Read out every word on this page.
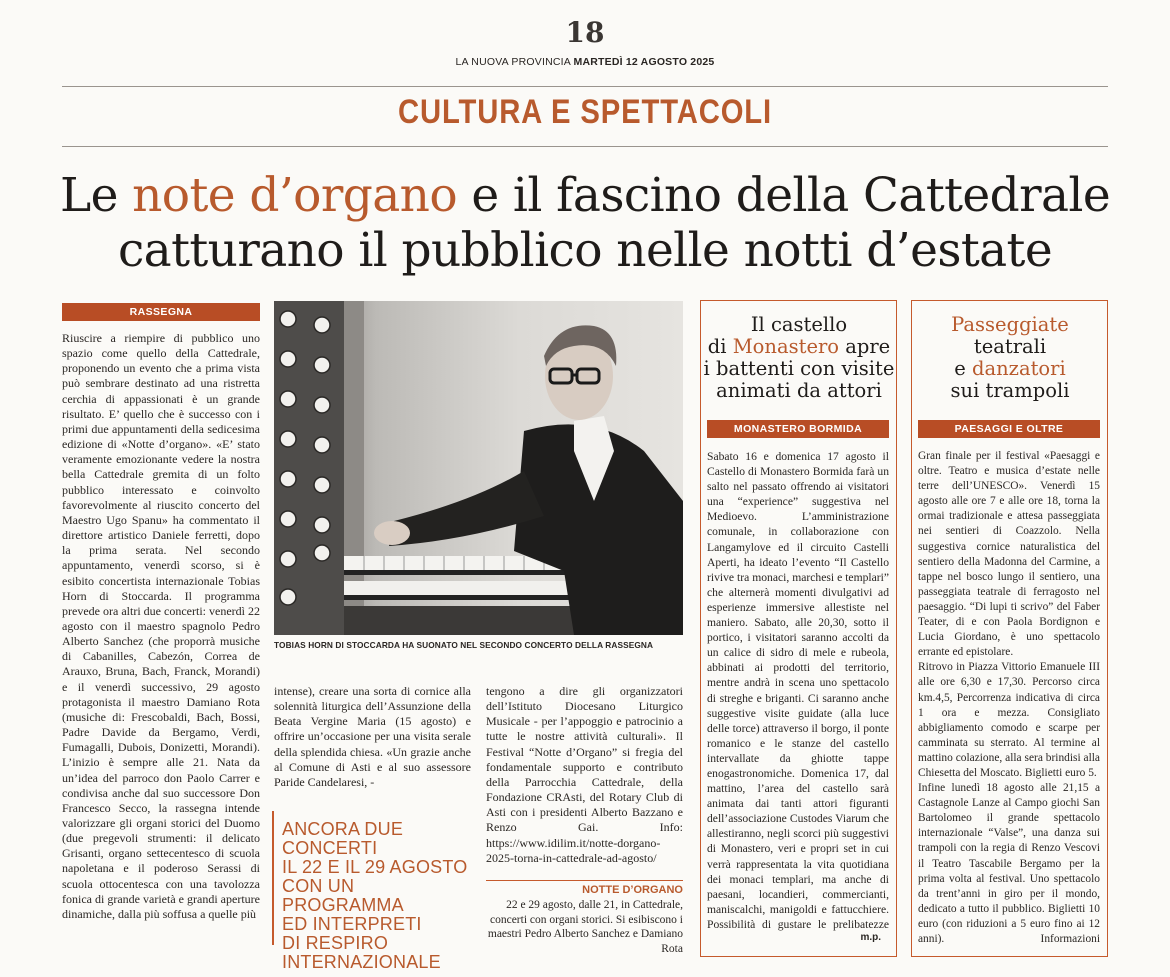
18
LA NUOVA PROVINCIA MARTEDÌ 12 AGOSTO 2025
CULTURA E SPETTACOLI
Le note d’organo e il fascino della Cattedrale
catturano il pubblico nelle notti d’estate
RASSEGNA

Riuscire a riempire di pubblico uno spazio come quello della Cattedrale, proponendo un evento che a prima vista può sembrare destinato ad una ristretta cerchia di appassionati è un grande risultato. E’ quello che è successo con i primi due appuntamenti della sedicesima edizione di «Notte d’organo». «E’ stato veramente emozionante vedere la nostra bella Cattedrale gremita di un folto pubblico interessato e coinvolto favorevolmente al riuscito concerto del Maestro Ugo Spanu» ha commentato il direttore artistico Daniele ferretti, dopo la prima serata. Nel secondo appuntamento, venerdì scorso, si è esibito concertista internazionale Tobias Horn di Stoccarda. Il programma prevede ora altri due concerti: venerdì 22 agosto con il maestro spagnolo Pedro Alberto Sanchez (che proporrà musiche di Cabanilles, Cabezón, Correa de Arauxo, Bruna, Bach, Franck, Morandi) e il venerdì successivo, 29 agosto protagonista il maestro Damiano Rota (musiche di: Frescobaldi, Bach, Bossi, Padre Davide da Bergamo, Verdi, Fumagalli, Dubois, Donizetti, Morandi). L’inizio è sempre alle 21. Nata da un’idea del parroco don Paolo Carrer e condivisa anche dal suo successore Don Francesco Secco, la rassegna intende valorizzare gli organi storici del Duomo (due pregevoli strumenti: il delicato Grisanti, organo settecentesco di scuola napoletana e il poderoso Serassi di scuola ottocentesca con una tavolozza fonica di grande varietà e grandi aperture dinamiche, dalla più soffusa a quelle più

TOBIAS HORN DI STOCCARDA HA SUONATO NEL SECONDO CONCERTO DELLA RASSEGNA

intense), creare una sorta di cornice alla solennità liturgica dell’Assunzione della Beata Vergine Maria (15 agosto) e offrire un’occasione per una visita serale della splendida chiesa. «Un grazie anche al Comune di Asti e al suo assessore Paride Candelaresi, -

tengono a dire gli organizzatori dell’Istituto Diocesano Liturgico Musicale - per l’appoggio e patrocinio a tutte le nostre attività culturali». Il Festival “Notte d’Organo” si fregia del fondamentale supporto e contributo della Parrocchia Cattedrale, della Fondazione CRAsti, del Rotary Club di Asti con i presidenti Alberto Bazzano e Renzo Gai. Info: https://www.idilim.it/notte-dorgano-2025-torna-in-cattedrale-ad-agosto/

ANCORA DUE CONCERTI
IL 22 E IL 29 AGOSTO
CON UN PROGRAMMA
ED INTERPRETI
DI RESPIRO
INTERNAZIONALE
NOTTE D’ORGANO
22 e 29 agosto, dalle 21, in Cattedrale, concerti con organi storici. Si esibiscono i maestri Pedro Alberto Sanchez e Damiano Rota
Il castello
di Monastero apre
i battenti con visite
animati da attori
MONASTERO BORMIDA

Sabato 16 e domenica 17 agosto il Castello di Monastero Bormida farà un salto nel passato offrendo ai visitatori una “experience” suggestiva nel Medioevo. L’amministrazione comunale, in collaborazione con Langamylove ed il circuito Castelli Aperti, ha ideato l’evento “Il Castello rivive tra monaci, marchesi e templari” che alternerà momenti divulgativi ad esperienze immersive allestiste nel maniero. Sabato, alle 20,30, sotto il portico, i visitatori saranno accolti da un calice di sidro di mele e rubeola, abbinati ai prodotti del territorio, mentre andrà in scena uno spettacolo di streghe e briganti. Ci saranno anche suggestive visite guidate (alla luce delle torce) attraverso il borgo, il ponte romanico e le stanze del castello intervallate da ghiotte tappe enogastronomiche. Domenica 17, dal mattino, l’area del castello sarà animata dai tanti attori figuranti dell’associazione Custodes Viarum che allestiranno, negli scorci più suggestivi di Monastero, veri e propri set in cui verrà rappresentata la vita quotidiana dei monaci templari, ma anche di paesani, locandieri, commercianti, maniscalchi, manigoldi e fattucchiere. Possibilità di gustare le prelibatezze

m.p.
Passeggiate
teatrali
e danzatori
sui trampoli
PAESAGGI E OLTRE

Gran finale per il festival «Paesaggi e oltre. Teatro e musica d’estate nelle terre dell’UNESCO». Venerdì 15 agosto alle ore 7 e alle ore 18, torna la ormai tradizionale e attesa passeggiata nei sentieri di Coazzolo. Nella suggestiva cornice naturalistica del sentiero della Madonna del Carmine, a tappe nel bosco lungo il sentiero, una passeggiata teatrale di ferragosto nel paesaggio. “Di lupi ti scrivo” del Faber Teater, di e con Paola Bordignon e Lucia Giordano, è uno spettacolo errante ed epistolare.

Ritrovo in Piazza Vittorio Emanuele III alle ore 6,30 e 17,30. Percorso circa km.4,5, Percorrenza indicativa di circa 1 ora e mezza. Consigliato abbigliamento comodo e scarpe per camminata su sterrato. Al termine al mattino colazione, alla sera brindisi alla Chiesetta del Moscato. Biglietti euro 5.

Infine lunedì 18 agosto alle 21,15 a Castagnole Lanze al Campo giochi San Bartolomeo il grande spettacolo internazionale “Valse”, una danza sui trampoli con la regia di Renzo Vescovi il Teatro Tascabile Bergamo per la prima volta al festival. Uno spettacolo da trent’anni in giro per il mondo, dedicato a tutto il pubblico. Biglietti 10 euro (con riduzioni a 5 euro fino ai 12 anni). Informazioni
